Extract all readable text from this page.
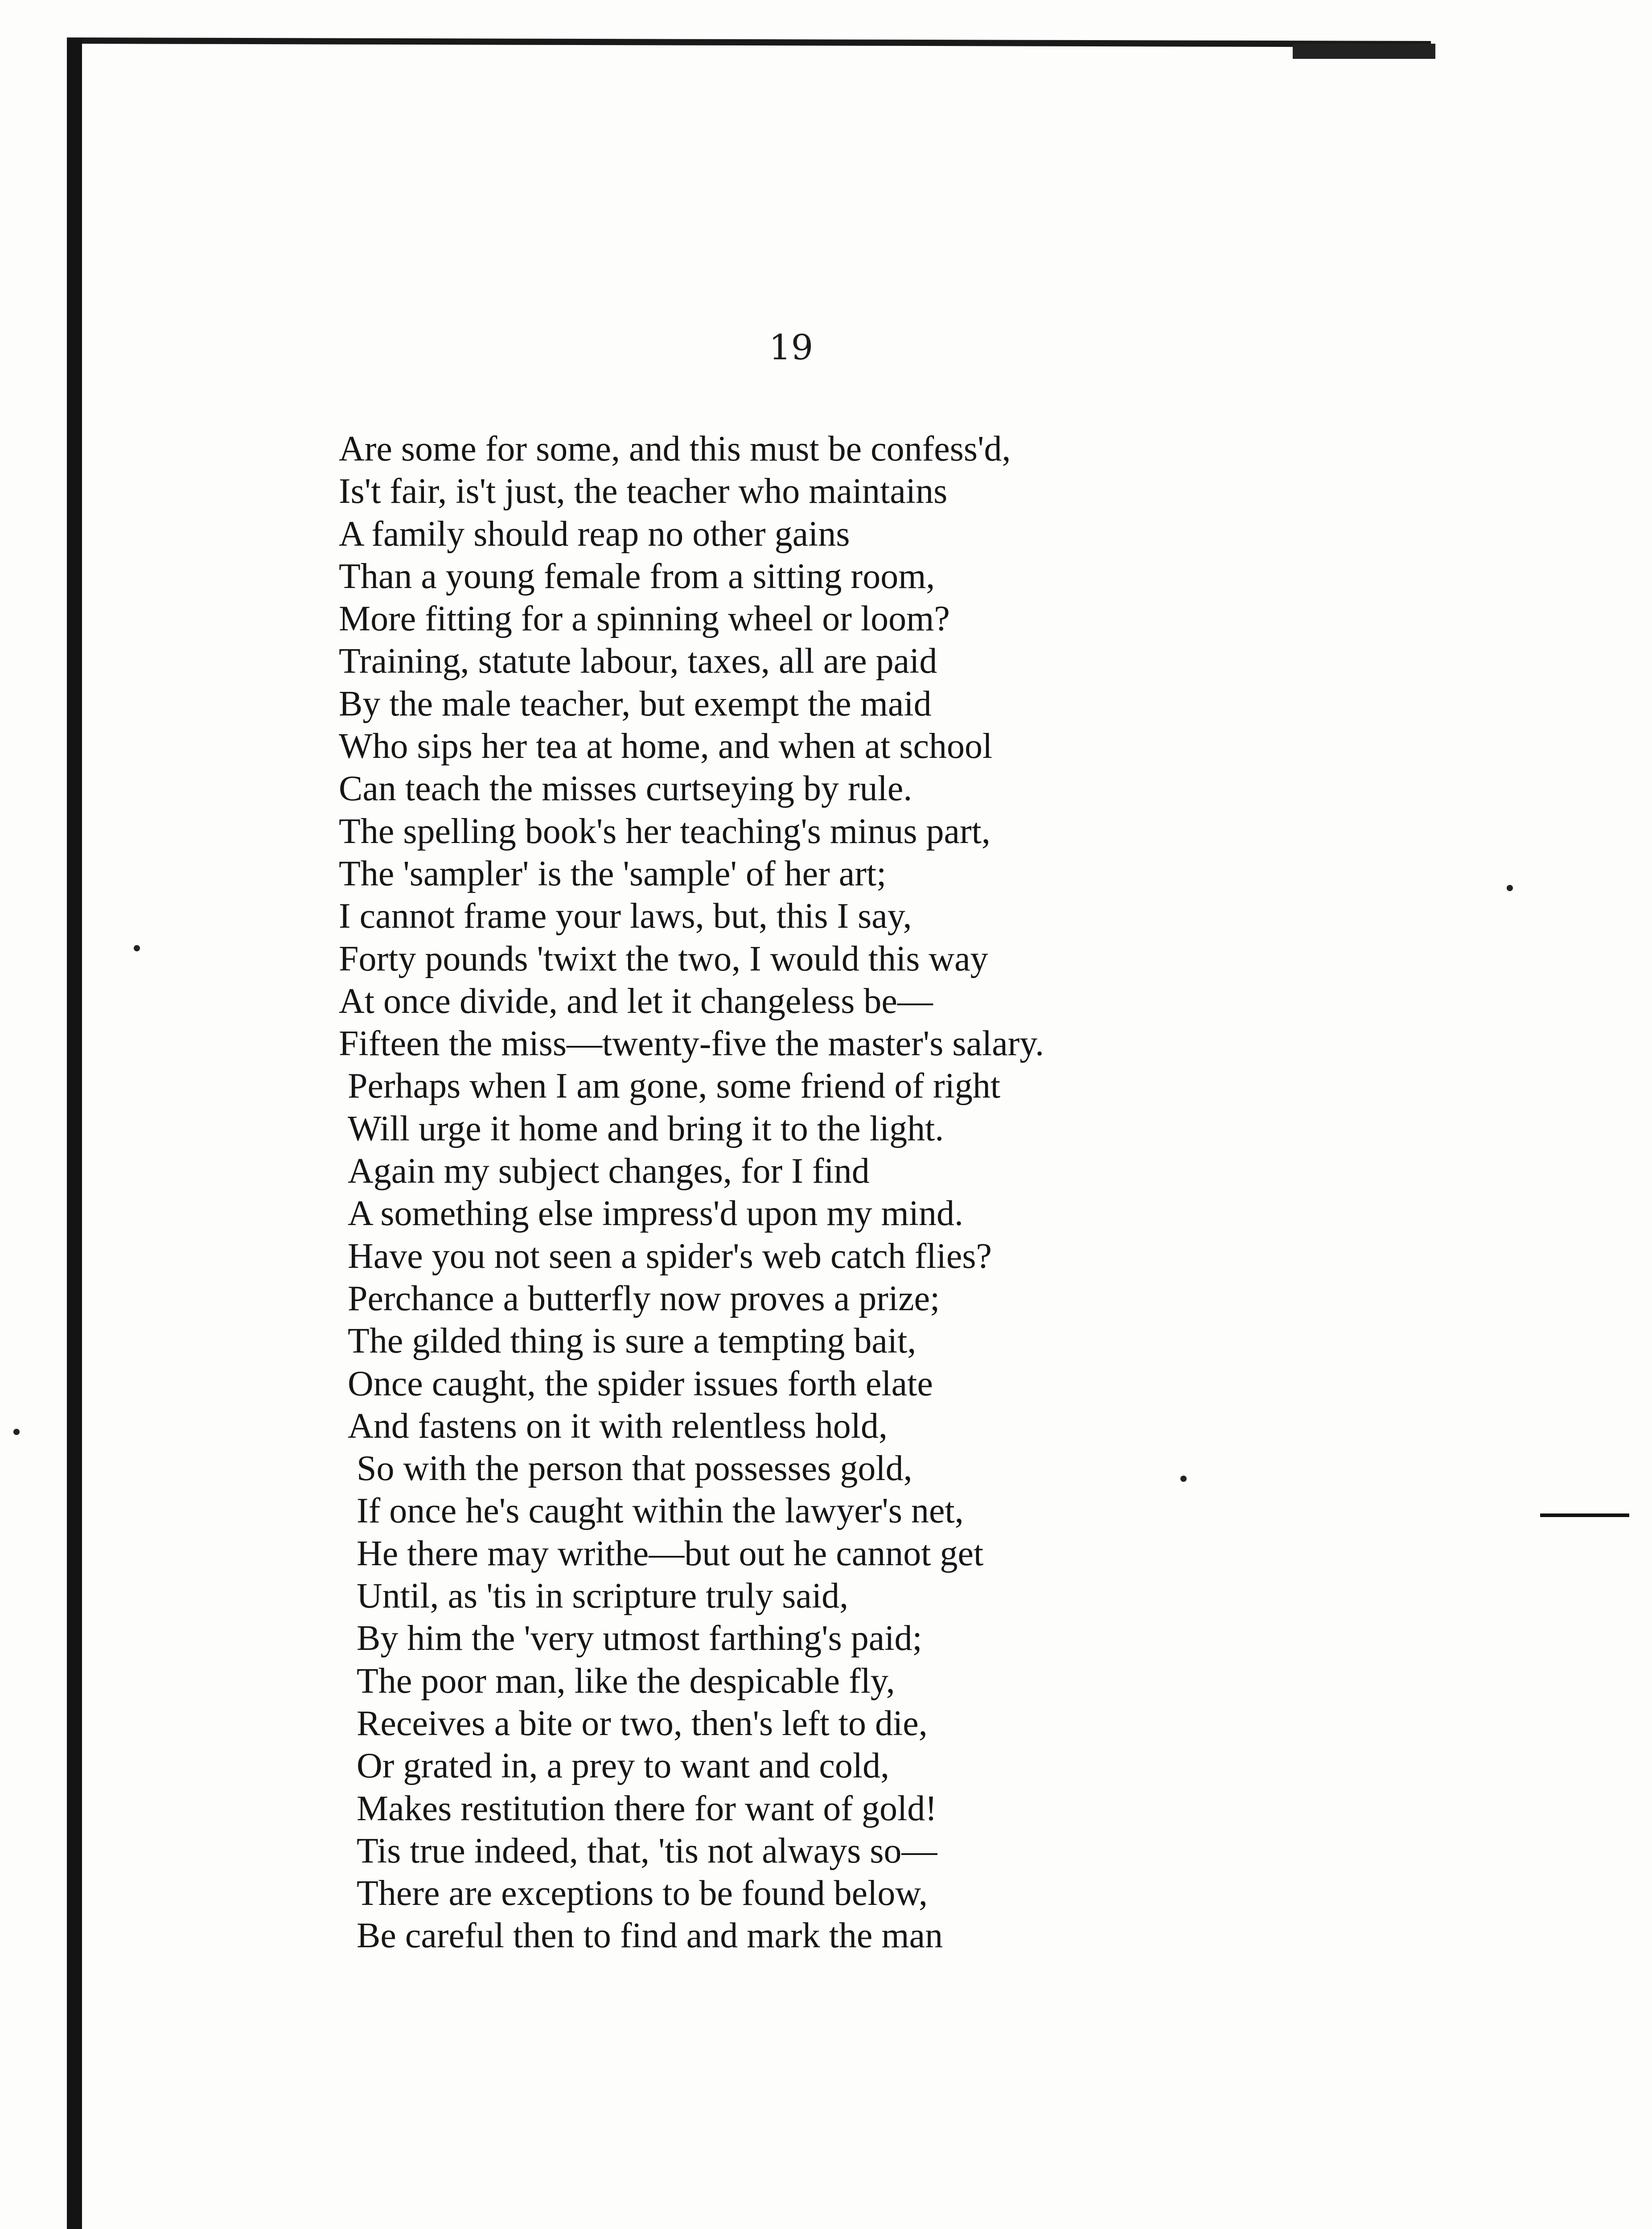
19

Are some for some, and this must be confess'd,
Is't fair, is't just, the teacher who maintains
A family should reap no other gains
Than a young female from a sitting room,
More fitting for a spinning wheel or loom?
Training, statute labour, taxes, all are paid
By the male teacher, but exempt the maid
Who sips her tea at home, and when at school
Can teach the misses curtseying by rule.
The spelling book's her teaching's minus part,
The 'sampler' is the 'sample' of her art;
I cannot frame your laws, but, this I say,
Forty pounds 'twixt the two, I would this way
At once divide, and let it changeless be—
Fifteen the miss—twenty-five the master's salary.
Perhaps when I am gone, some friend of right
Will urge it home and bring it to the light.
Again my subject changes, for I find
A something else impress'd upon my mind.
Have you not seen a spider's web catch flies?
Perchance a butterfly now proves a prize;
The gilded thing is sure a tempting bait,
Once caught, the spider issues forth elate
And fastens on it with relentless hold,
So with the person that possesses gold,
If once he's caught within the lawyer's net,
He there may writhe—but out he cannot get
Until, as 'tis in scripture truly said,
By him the 'very utmost farthing's paid;
The poor man, like the despicable fly,
Receives a bite or two, then's left to die,
Or grated in, a prey to want and cold,
Makes restitution there for want of gold!
Tis true indeed, that, 'tis not always so—
There are exceptions to be found below,
Be careful then to find and mark the man
